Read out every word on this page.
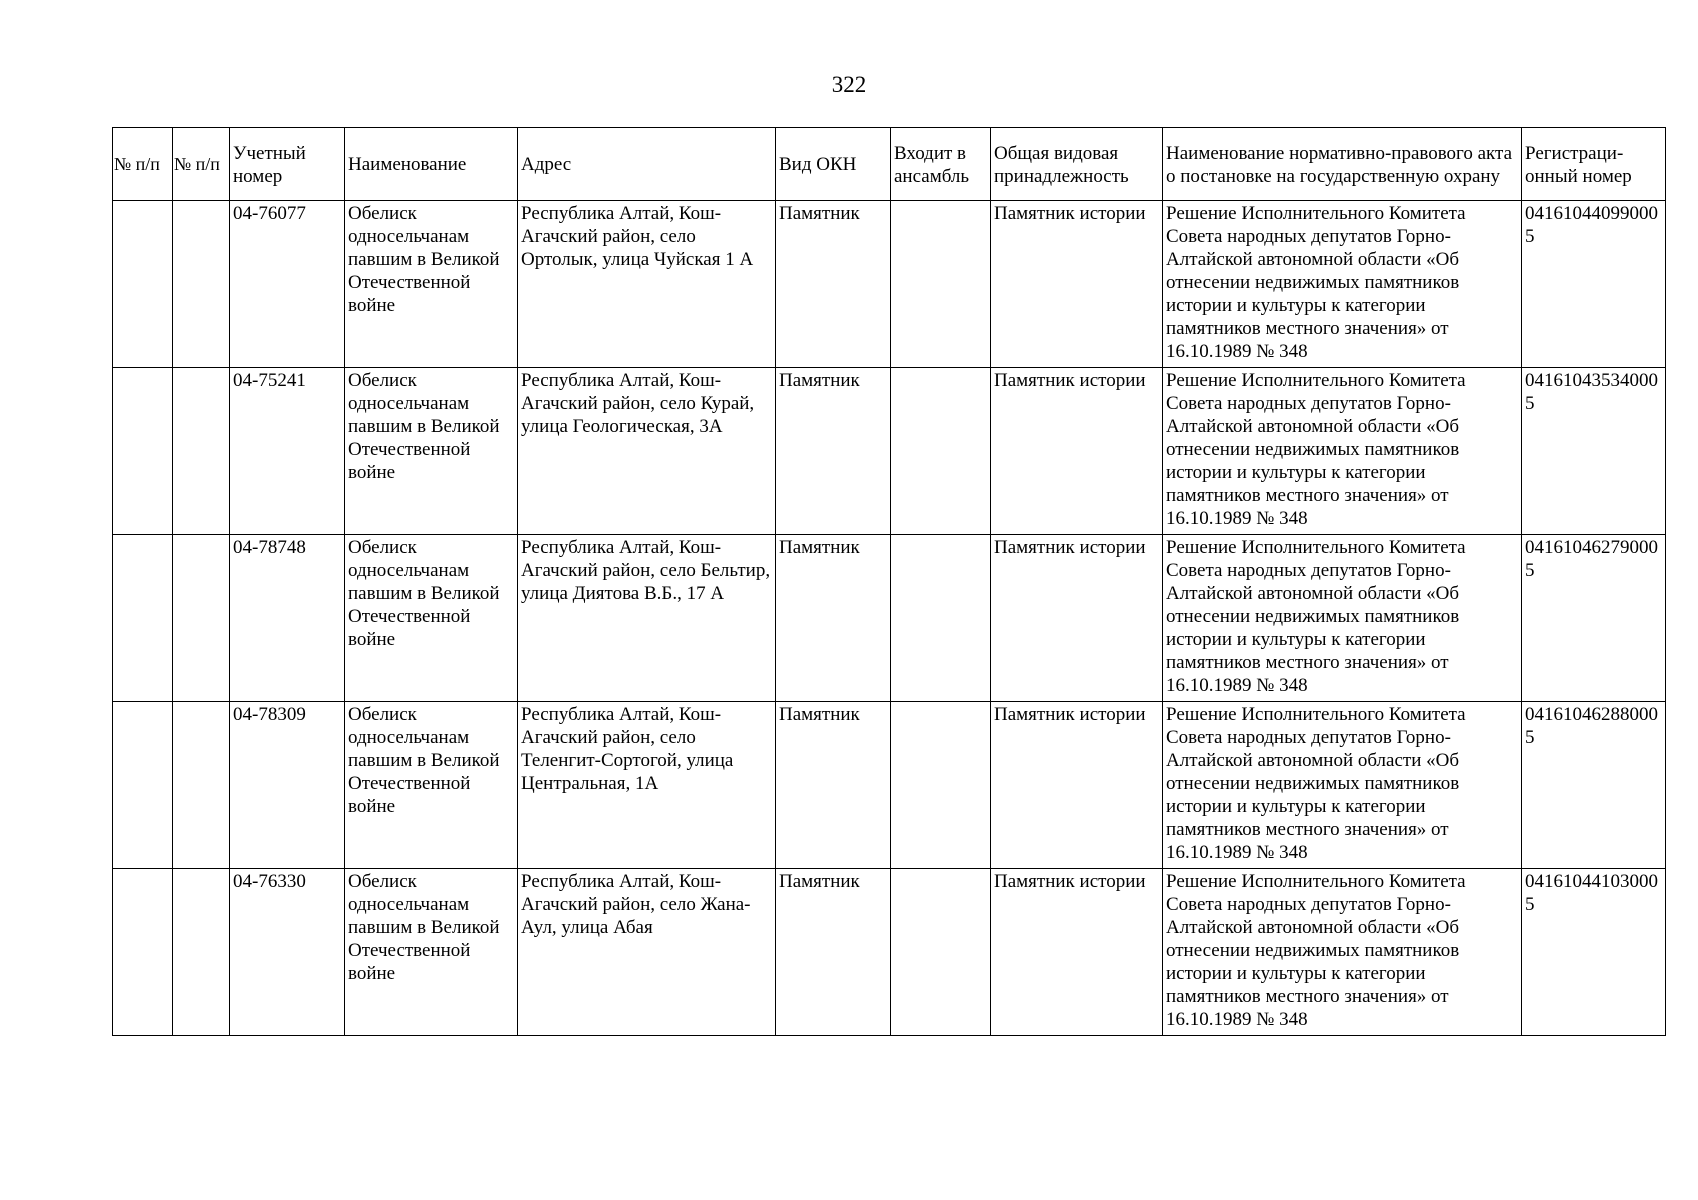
322
№ п/п	№ п/п	Учетный номер	Наименование	Адрес	Вид ОКН	Входит в ансамбль	Общая видовая принадлежность	Наименование нормативно-правового акта о постановке на государственную охрану	Регистраци-онный номер
		04-76077	Обелиск односельчанам павшим в Великой Отечественной войне	Республика Алтай, Кош-Агачский район, село Ортолык, улица Чуйская 1 А	Памятник		Памятник истории	Решение Исполнительного Комитета Совета народных депутатов Горно-Алтайской автономной области «Об отнесении недвижимых памятников истории и культуры к категории памятников местного значения» от 16.10.1989 № 348	041610440990005
		04-75241	Обелиск односельчанам павшим в Великой Отечественной войне	Республика Алтай, Кош-Агачский район, село Курай, улица Геологическая, 3А	Памятник		Памятник истории	Решение Исполнительного Комитета Совета народных депутатов Горно-Алтайской автономной области «Об отнесении недвижимых памятников истории и культуры к категории памятников местного значения» от 16.10.1989 № 348	041610435340005
		04-78748	Обелиск односельчанам павшим в Великой Отечественной войне	Республика Алтай, Кош-Агачский район, село Бельтир, улица Диятова В.Б., 17 А	Памятник		Памятник истории	Решение Исполнительного Комитета Совета народных депутатов Горно-Алтайской автономной области «Об отнесении недвижимых памятников истории и культуры к категории памятников местного значения» от 16.10.1989 № 348	041610462790005
		04-78309	Обелиск односельчанам павшим в Великой Отечественной войне	Республика Алтай, Кош-Агачский район, село Теленгит-Сортогой, улица Центральная, 1А	Памятник		Памятник истории	Решение Исполнительного Комитета Совета народных депутатов Горно-Алтайской автономной области «Об отнесении недвижимых памятников истории и культуры к категории памятников местного значения» от 16.10.1989 № 348	041610462880005
		04-76330	Обелиск односельчанам павшим в Великой Отечественной войне	Республика Алтай, Кош-Агачский район, село Жана-Аул, улица Абая	Памятник		Памятник истории	Решение Исполнительного Комитета Совета народных депутатов Горно-Алтайской автономной области «Об отнесении недвижимых памятников истории и культуры к категории памятников местного значения» от 16.10.1989 № 348	041610441030005
